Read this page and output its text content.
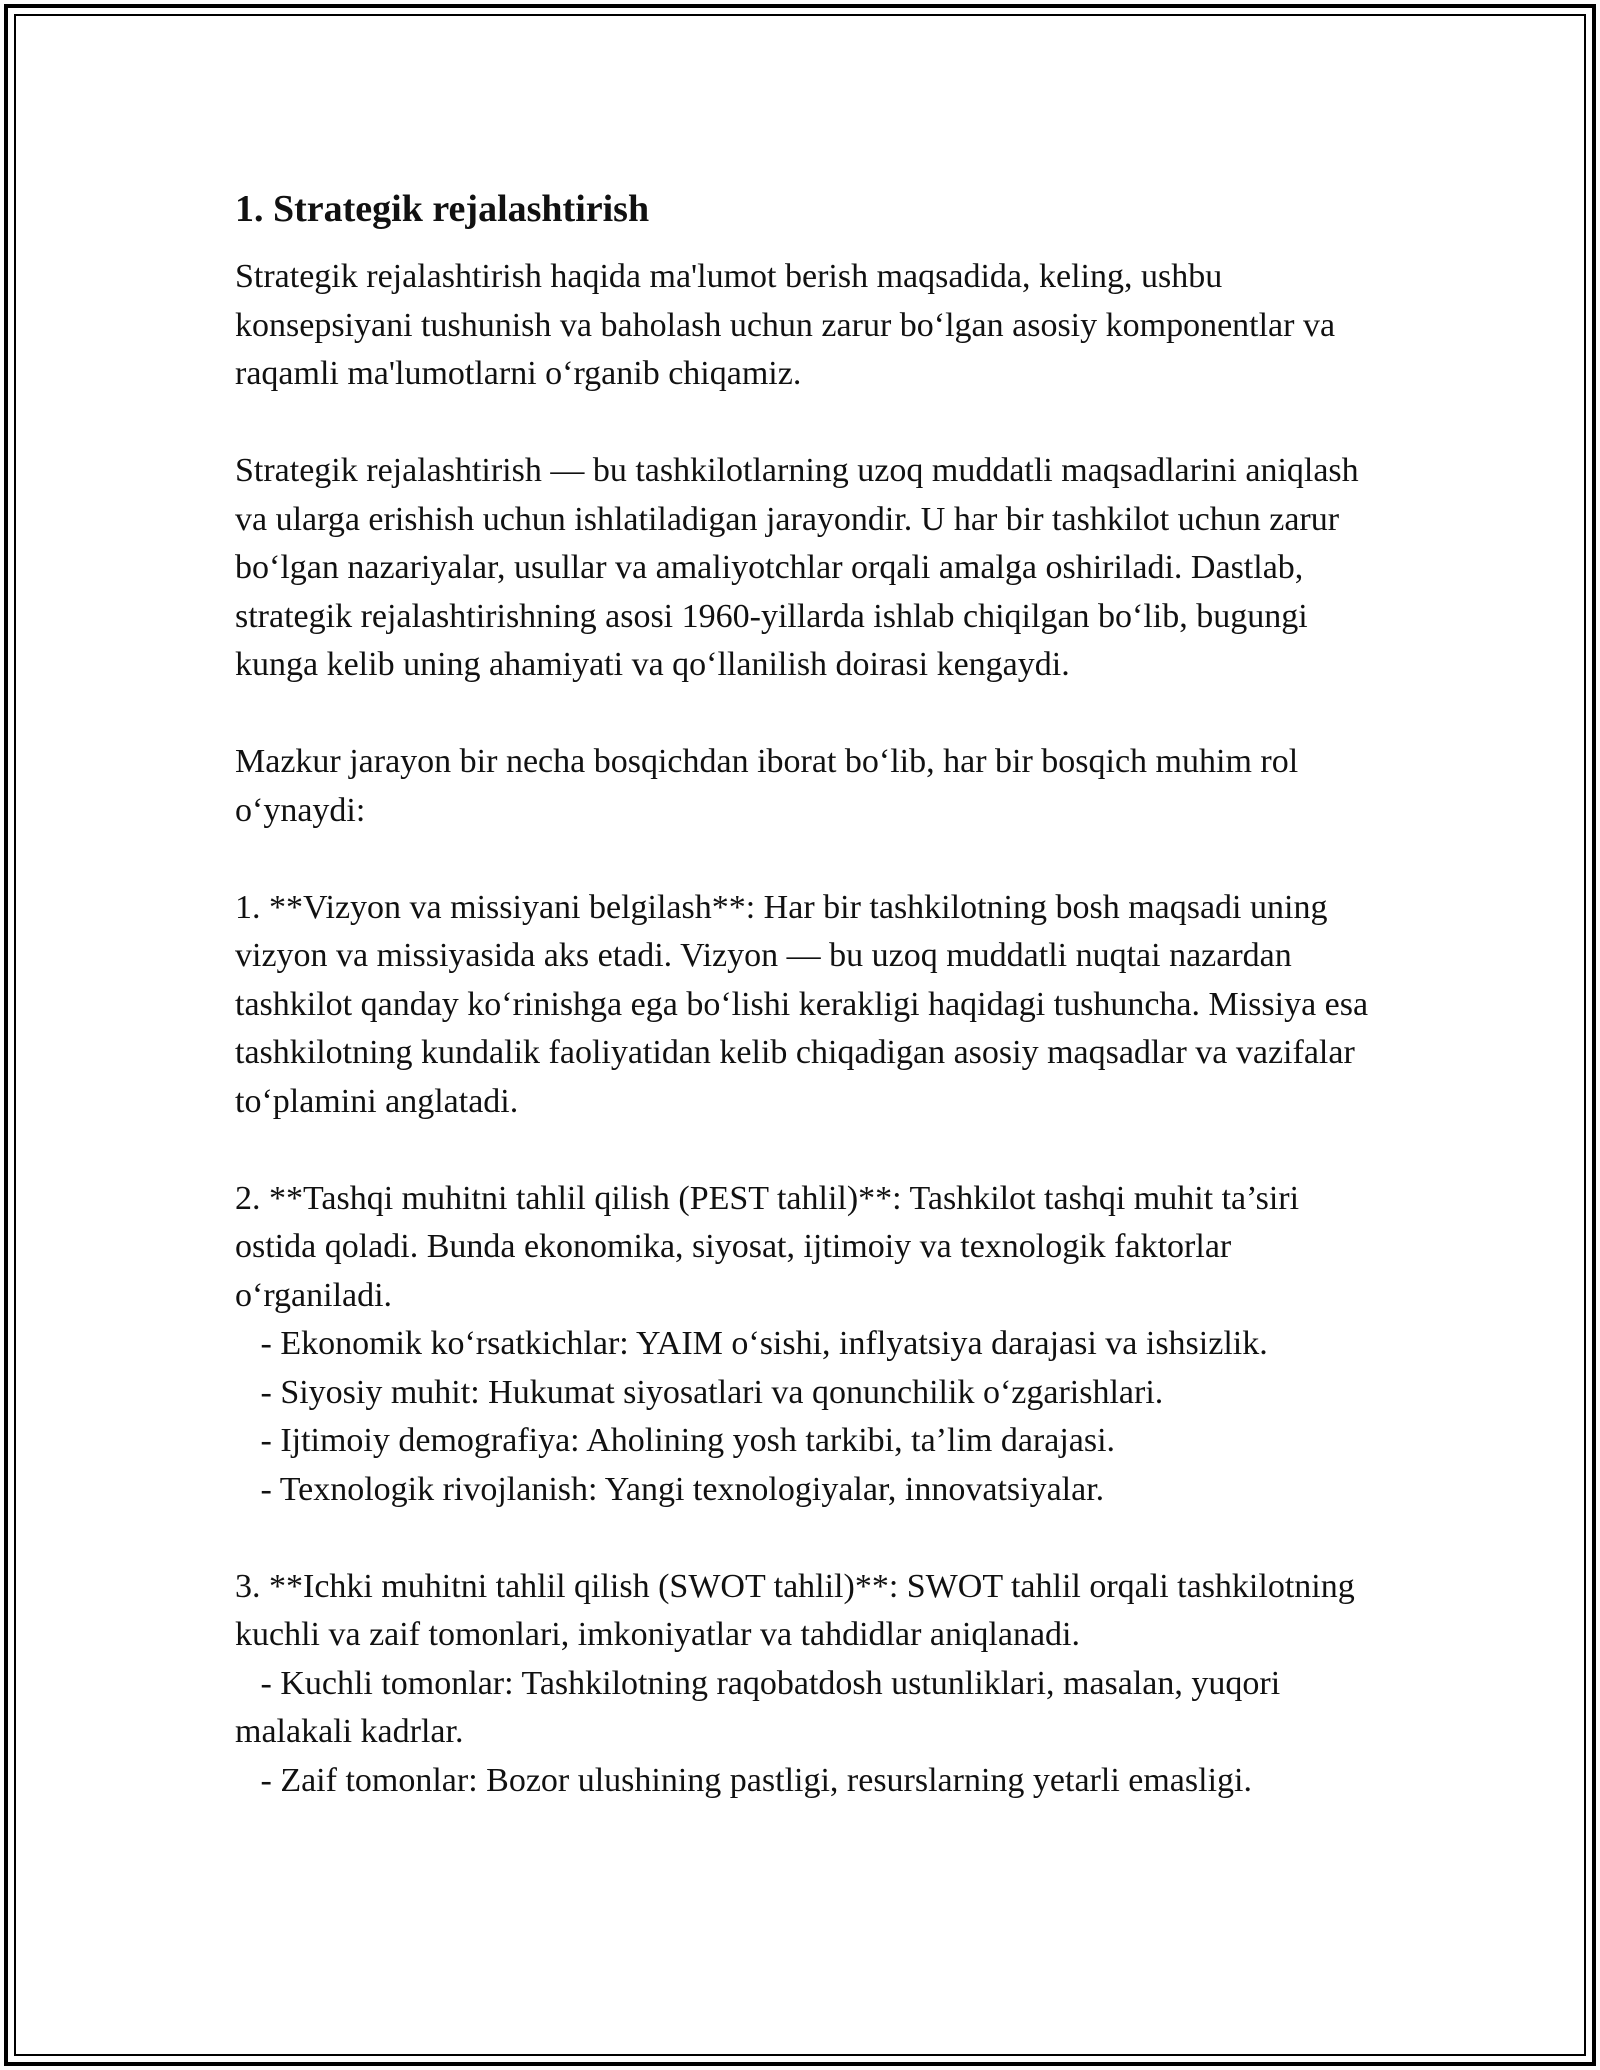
1. Strategik rejalashtirish

Strategik rejalashtirish haqida ma'lumot berish maqsadida, keling, ushbu konsepsiyani tushunish va baholash uchun zarur bo‘lgan asosiy komponentlar va raqamli ma'lumotlarni o‘rganib chiqamiz.

Strategik rejalashtirish — bu tashkilotlarning uzoq muddatli maqsadlarini aniqlash va ularga erishish uchun ishlatiladigan jarayondir. U har bir tashkilot uchun zarur bo‘lgan nazariyalar, usullar va amaliyotchlar orqali amalga oshiriladi. Dastlab, strategik rejalashtirishning asosi 1960-yillarda ishlab chiqilgan bo‘lib, bugungi kunga kelib uning ahamiyati va qo‘llanilish doirasi kengaydi.

Mazkur jarayon bir necha bosqichdan iborat bo‘lib, har bir bosqich muhim rol o‘ynaydi:

1. **Vizyon va missiyani belgilash**: Har bir tashkilotning bosh maqsadi uning vizyon va missiyasida aks etadi. Vizyon — bu uzoq muddatli nuqtai nazardan tashkilot qanday ko‘rinishga ega bo‘lishi kerakligi haqidagi tushuncha. Missiya esa tashkilotning kundalik faoliyatidan kelib chiqadigan asosiy maqsadlar va vazifalar to‘plamini anglatadi.

2. **Tashqi muhitni tahlil qilish (PEST tahlil)**: Tashkilot tashqi muhit ta’siri ostida qoladi. Bunda ekonomika, siyosat, ijtimoiy va texnologik faktorlar o‘rganiladi.

- Ekonomik ko‘rsatkichlar: YAIM o‘sishi, inflyatsiya darajasi va ishsizlik.

- Siyosiy muhit: Hukumat siyosatlari va qonunchilik o‘zgarishlari.

- Ijtimoiy demografiya: Aholining yosh tarkibi, ta’lim darajasi.

- Texnologik rivojlanish: Yangi texnologiyalar, innovatsiyalar.

3. **Ichki muhitni tahlil qilish (SWOT tahlil)**: SWOT tahlil orqali tashkilotning kuchli va zaif tomonlari, imkoniyatlar va tahdidlar aniqlanadi.

- Kuchli tomonlar: Tashkilotning raqobatdosh ustunliklari, masalan, yuqori malakali kadrlar.

- Zaif tomonlar: Bozor ulushining pastligi, resurslarning yetarli emasligi.
